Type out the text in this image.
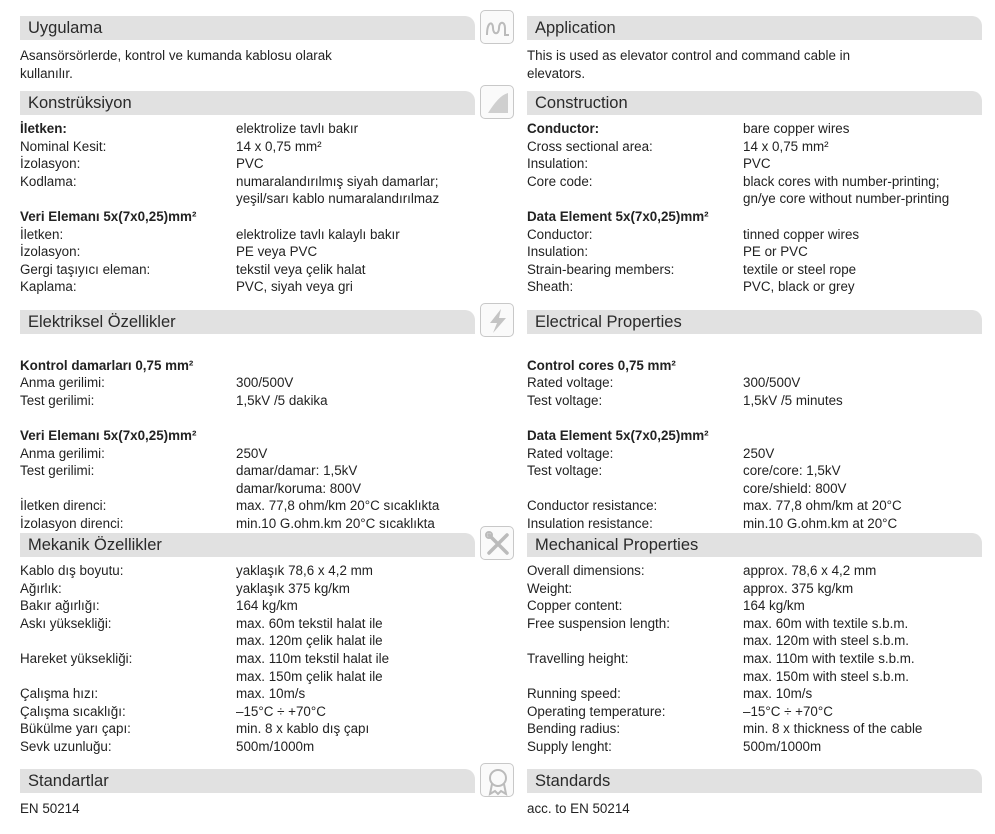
Uygulama
Asansörsörlerde, kontrol ve kumanda kablosu olarak kullanılır.
Konstrüksiyon
İletken:	elektrolize tavlı bakır
Nominal Kesit:	14 x 0,75 mm²
İzolasyon:	PVC
Kodlama:	numaralandırılmış siyah damarlar;
yeşil/sarı kablo numaralandırılmaz
Veri Elemanı 5x(7x0,25)mm²
İletken:	elektrolize tavlı kalaylı bakır
İzolasyon:	PE veya PVC
Gergi taşıyıcı eleman:	tekstil veya çelik halat
Kaplama:	PVC, siyah veya gri
Elektriksel Özellikler
Kontrol damarları 0,75 mm²
Anma gerilimi:	300/500V
Test gerilimi:	1,5kV /5 dakika
Veri Elemanı 5x(7x0,25)mm²
Anma gerilimi:	250V
Test gerilimi:	damar/damar: 1,5kV
damar/koruma: 800V
İletken direnci:	max. 77,8 ohm/km 20°C sıcaklıkta
İzolasyon direnci:	min.10 G.ohm.km 20°C sıcaklıkta
Mekanik Özellikler
Kablo dış boyutu:	yaklaşık 78,6 x 4,2 mm
Ağırlık:	yaklaşık 375 kg/km
Bakır ağırlığı:	164 kg/km
Askı yüksekliği:	max. 60m tekstil halat ile
max. 120m çelik halat ile
Hareket yüksekliği:	max. 110m tekstil halat ile
max. 150m çelik halat ile
Çalışma hızı:	max. 10m/s
Çalışma sıcaklığı:	–15°C ÷ +70°C
Bükülme yarı çapı:	min. 8 x kablo dış çapı
Sevk uzunluğu:	500m/1000m
Standartlar
EN 50214
Application
This is used as elevator control and command cable in elevators.
Construction
Conductor:	bare copper wires
Cross sectional area:	14 x 0,75 mm²
Insulation:	PVC
Core code:	black cores with number-printing;
gn/ye core without number-printing
Data Element 5x(7x0,25)mm²
Conductor:	tinned copper wires
Insulation:	PE or PVC
Strain-bearing members:	textile or steel rope
Sheath:	PVC, black or grey
Electrical Properties
Control cores 0,75 mm²
Rated voltage:	300/500V
Test voltage:	1,5kV /5 minutes
Data Element 5x(7x0,25)mm²
Rated voltage:	250V
Test voltage:	core/core: 1,5kV
core/shield: 800V
Conductor resistance:	max. 77,8 ohm/km at 20°C
Insulation resistance:	min.10 G.ohm.km at 20°C
Mechanical Properties
Overall dimensions:	approx. 78,6 x 4,2 mm
Weight:	approx. 375 kg/km
Copper content:	164 kg/km
Free suspension length:	max. 60m with textile s.b.m.
max. 120m with steel s.b.m.
Travelling height:	max. 110m with textile s.b.m.
max. 150m with steel s.b.m.
Running speed:	max. 10m/s
Operating temperature:	–15°C ÷ +70°C
Bending radius:	min. 8 x thickness of the cable
Supply lenght:	500m/1000m
Standards
acc. to EN 50214
